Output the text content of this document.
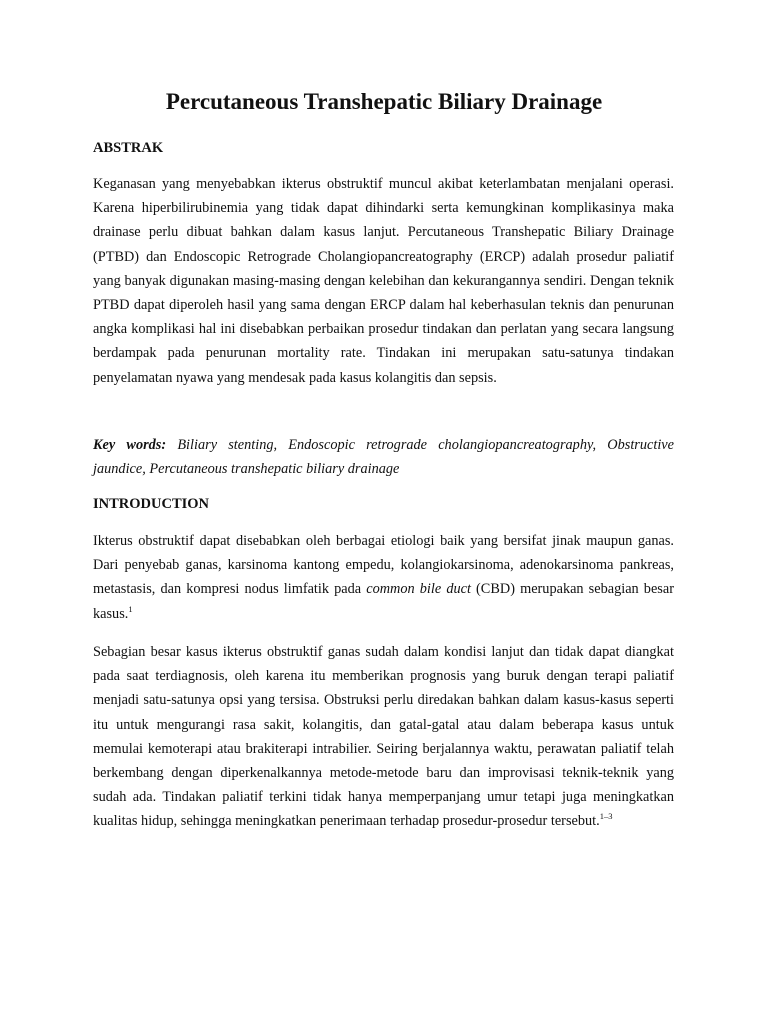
Percutaneous Transhepatic Biliary Drainage
ABSTRAK
Keganasan yang menyebabkan ikterus obstruktif muncul akibat keterlambatan menjalani operasi. Karena hiperbilirubinemia yang tidak dapat dihindarki serta kemungkinan komplikasinya maka drainase perlu dibuat bahkan dalam kasus lanjut. Percutaneous Transhepatic Biliary Drainage (PTBD) dan Endoscopic Retrograde Cholangiopancreatography (ERCP) adalah prosedur paliatif yang banyak digunakan masing-masing dengan kelebihan dan kekurangannya sendiri. Dengan teknik PTBD dapat diperoleh hasil yang sama dengan ERCP dalam hal keberhasulan teknis dan penurunan angka komplikasi hal ini disebabkan perbaikan prosedur tindakan dan perlatan yang secara langsung berdampak pada penurunan mortality rate. Tindakan ini merupakan satu-satunya tindakan penyelamatan nyawa yang mendesak pada kasus kolangitis dan sepsis.
Key words: Biliary stenting, Endoscopic retrograde cholangiopancreatography, Obstructive jaundice, Percutaneous transhepatic biliary drainage
INTRODUCTION
Ikterus obstruktif dapat disebabkan oleh berbagai etiologi baik yang bersifat jinak maupun ganas. Dari penyebab ganas, karsinoma kantong empedu, kolangiokarsinoma, adenokarsinoma pankreas, metastasis, dan kompresi nodus limfatik pada common bile duct (CBD) merupakan sebagian besar kasus.$^1$
Sebagian besar kasus ikterus obstruktif ganas sudah dalam kondisi lanjut dan tidak dapat diangkat pada saat terdiagnosis, oleh karena itu memberikan prognosis yang buruk dengan terapi paliatif menjadi satu-satunya opsi yang tersisa. Obstruksi perlu diredakan bahkan dalam kasus-kasus seperti itu untuk mengurangi rasa sakit, kolangitis, dan gatal-gatal atau dalam beberapa kasus untuk memulai kemoterapi atau brakiterapi intrabilier. Seiring berjalannya waktu, perawatan paliatif telah berkembang dengan diperkenalkannya metode-metode baru dan improvisasi teknik-teknik yang sudah ada. Tindakan paliatif terkini tidak hanya memperpanjang umur tetapi juga meningkatkan kualitas hidup, sehingga meningkatkan penerimaan terhadap prosedur-prosedur tersebut.$^{1-3}$
